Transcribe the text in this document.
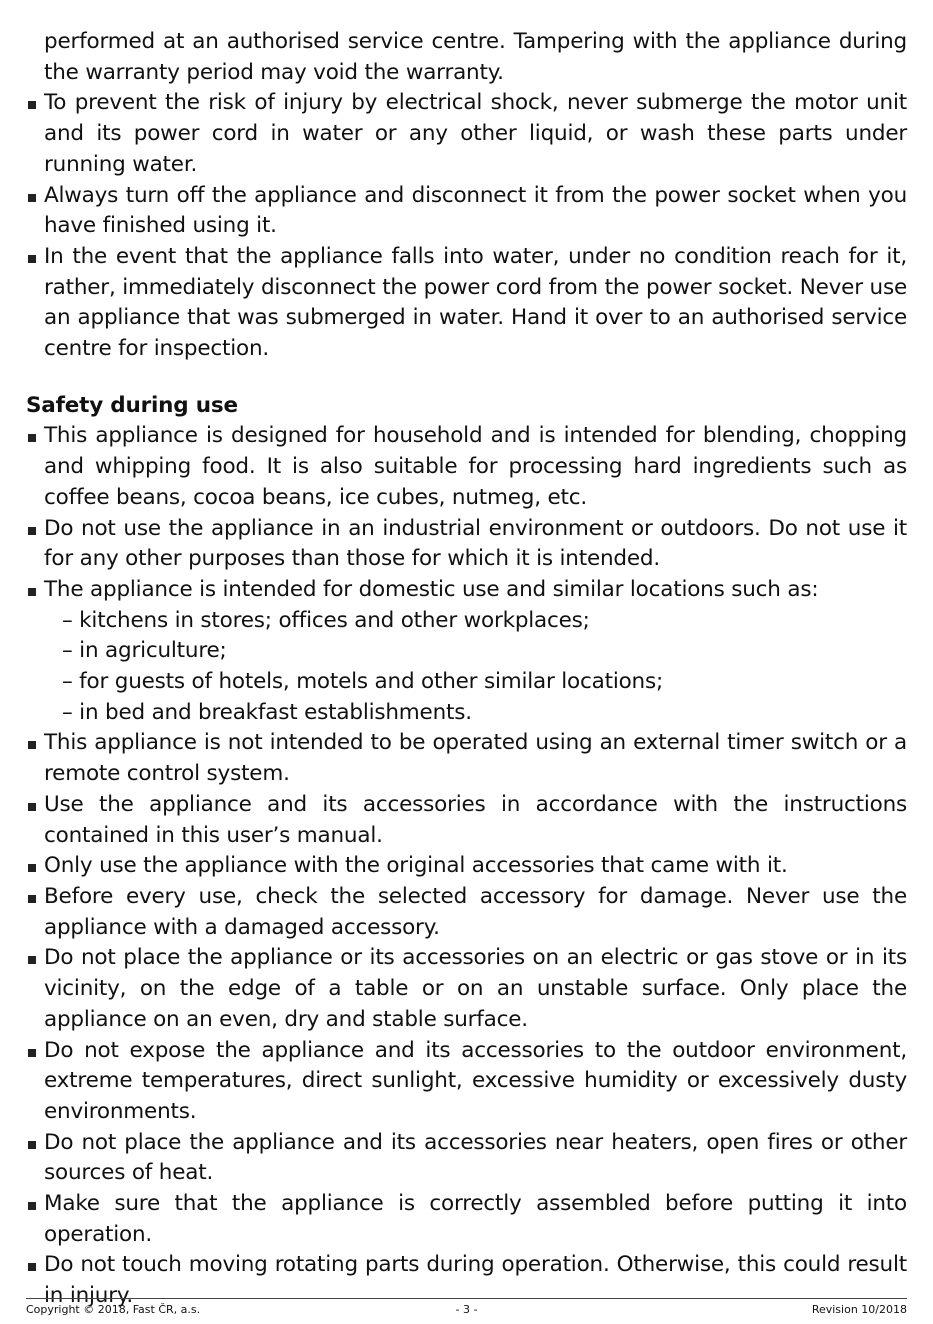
performed at an authorised service centre. Tampering with the appliance during the warranty period may void the warranty.

To prevent the risk of injury by electrical shock, never submerge the motor unit and its power cord in water or any other liquid, or wash these parts under running water.
Always turn off the appliance and disconnect it from the power socket when you have finished using it.
In the event that the appliance falls into water, under no condition reach for it, rather, immediately disconnect the power cord from the power socket. Never use an appliance that was submerged in water. Hand it over to an authorised service centre for inspection.
Safety during use
This appliance is designed for household and is intended for blending, chopping and whipping food. It is also suitable for processing hard ingredients such as coffee beans, cocoa beans, ice cubes, nutmeg, etc.
Do not use the appliance in an industrial environment or outdoors. Do not use it for any other purposes than those for which it is intended.
The appliance is intended for domestic use and similar locations such as:
– kitchens in stores; offices and other workplaces;
– in agriculture;
– for guests of hotels, motels and other similar locations;
– in bed and breakfast establishments.
This appliance is not intended to be operated using an external timer switch or a remote control system.
Use the appliance and its accessories in accordance with the instructions contained in this user’s manual.
Only use the appliance with the original accessories that came with it.
Before every use, check the selected accessory for damage. Never use the appliance with a damaged accessory.
Do not place the appliance or its accessories on an electric or gas stove or in its vicinity, on the edge of a table or on an unstable surface. Only place the appliance on an even, dry and stable surface.
Do not expose the appliance and its accessories to the outdoor environment, extreme temperatures, direct sunlight, excessive humidity or excessively dusty environments.
Do not place the appliance and its accessories near heaters, open fires or other sources of heat.
Make sure that the appliance is correctly assembled before putting it into operation.
Do not touch moving rotating parts during operation. Otherwise, this could result in injury.
Copyright © 2018, Fast ČR, a.s.	- 3 -	Revision 10/2018
